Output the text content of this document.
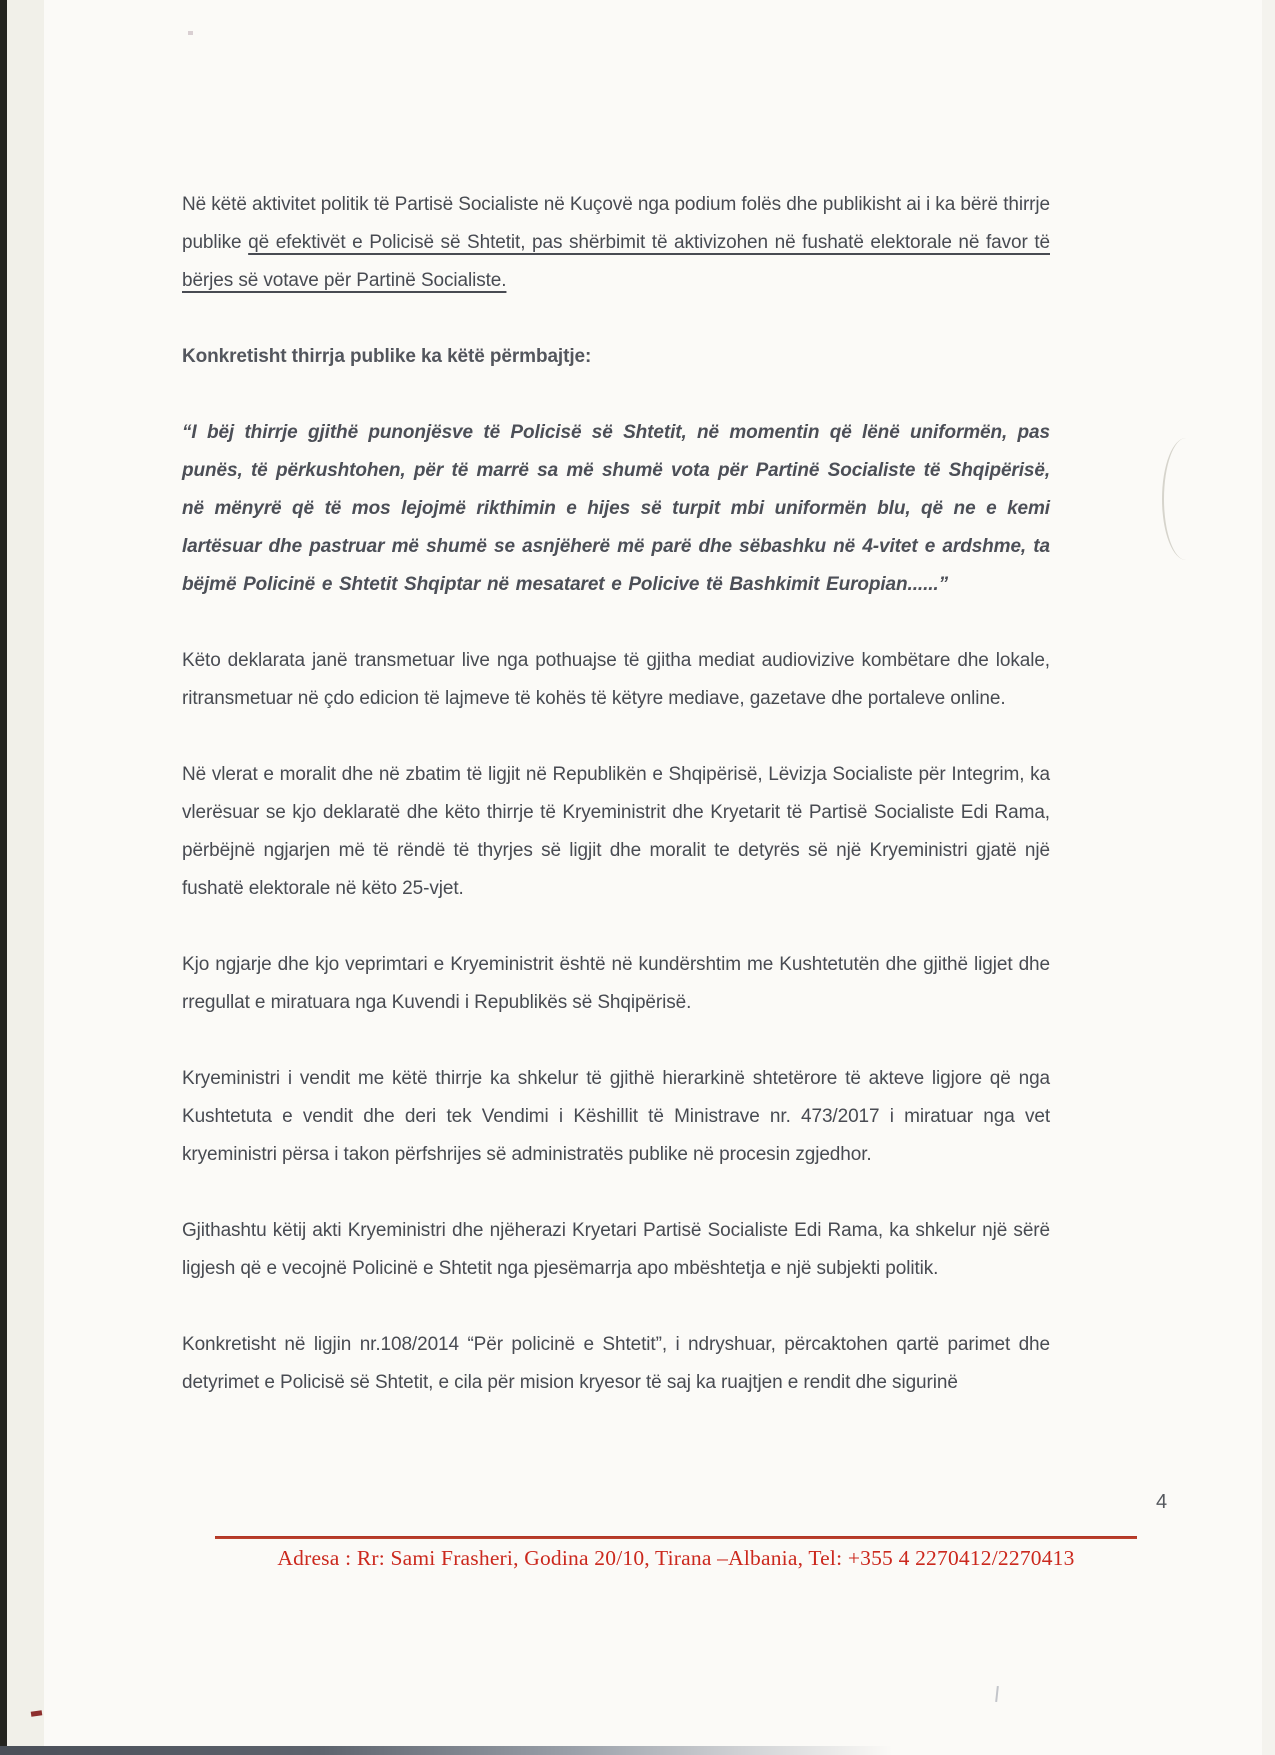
Në këtë aktivitet politik të Partisë Socialiste në Kuçovë nga podium folës dhe publikisht ai i ka bërë thirrje publike që efektivët e Policisë së Shtetit, pas shërbimit të aktivizohen në fushatë elektorale në favor të bërjes së votave për Partinë Socialiste.

Konkretisht thirrja publike ka këtë përmbajtje:

“I bëj thirrje gjithë punonjësve të Policisë së Shtetit, në momentin që lënë uniformën, pas punës, të përkushtohen, për të marrë sa më shumë vota për Partinë Socialiste të Shqipërisë, në mënyrë që të mos lejojmë rikthimin e hijes së turpit mbi uniformën blu, që ne e kemi lartësuar dhe pastruar më shumë se asnjëherë më parë dhe sëbashku në 4-vitet e ardshme, ta bëjmë Policinë e Shtetit Shqiptar në mesataret e Policive të Bashkimit Europian......”

Këto deklarata janë transmetuar live nga pothuajse të gjitha mediat audiovizive kombëtare dhe lokale, ritransmetuar në çdo edicion të lajmeve të kohës të këtyre mediave, gazetave dhe portaleve online.

Në vlerat e moralit dhe në zbatim të ligjit në Republikën e Shqipërisë, Lëvizja Socialiste për Integrim, ka vlerësuar se kjo deklaratë dhe këto thirrje të Kryeministrit dhe Kryetarit të Partisë Socialiste Edi Rama, përbëjnë ngjarjen më të rëndë të thyrjes së ligjit dhe moralit te detyrës së një Kryeministri gjatë një fushatë elektorale në këto 25-vjet.

Kjo ngjarje dhe kjo veprimtari e Kryeministrit është në kundërshtim me Kushtetutën dhe gjithë ligjet dhe rregullat e miratuara nga Kuvendi i Republikës së Shqipërisë.

Kryeministri i vendit me këtë thirrje ka shkelur të gjithë hierarkinë shtetërore të akteve ligjore që nga Kushtetuta e vendit dhe deri tek Vendimi i Këshillit të Ministrave nr. 473/2017 i miratuar nga vet kryeministri përsa i takon përfshrijes së administratës publike në procesin zgjedhor.

Gjithashtu këtij akti Kryeministri dhe njëherazi Kryetari Partisë Socialiste Edi Rama, ka shkelur një sërë ligjesh që e vecojnë Policinë e Shtetit nga pjesëmarrja apo mbështetja e një subjekti politik.

Konkretisht në ligjin nr.108/2014 “Për policinë e Shtetit”, i ndryshuar, përcaktohen qartë parimet dhe detyrimet e Policisë së Shtetit, e cila për mision kryesor të saj ka ruajtjen e rendit dhe sigurinë

4
Adresa : Rr: Sami Frasheri, Godina 20/10, Tirana –Albania, Tel: +355 4 2270412/2270413
